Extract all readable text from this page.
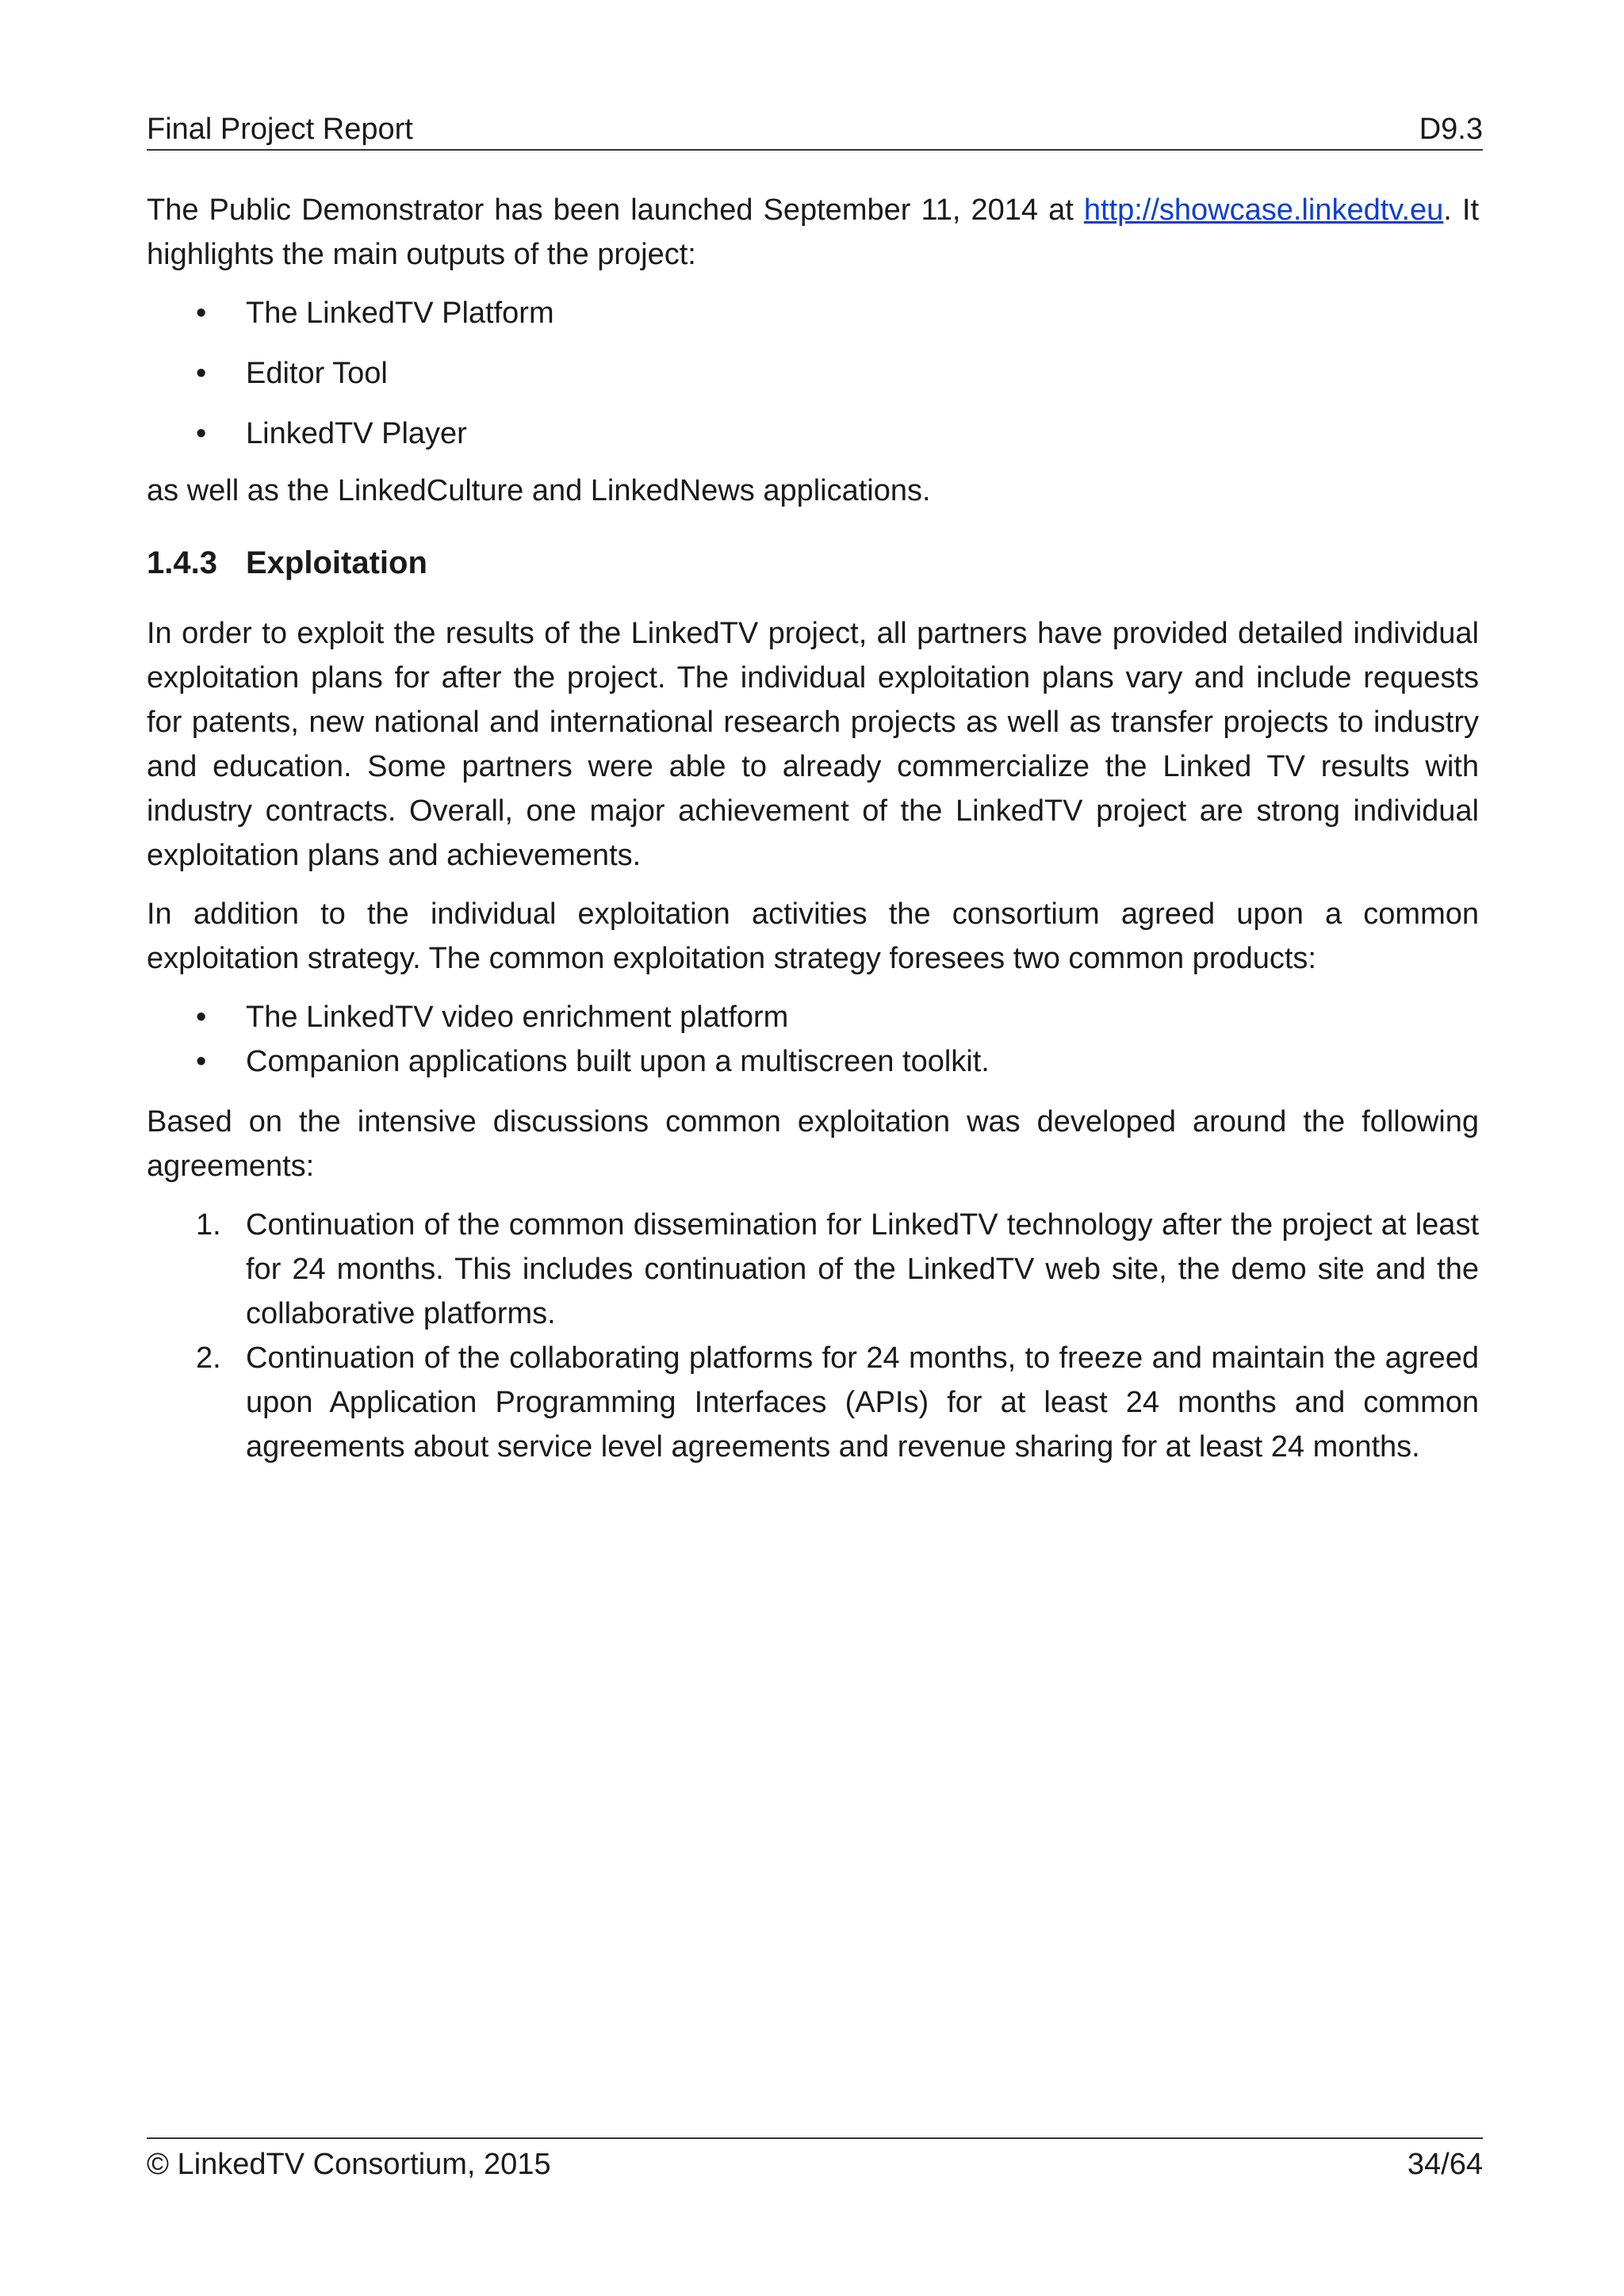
Final Project Report	D9.3

The Public Demonstrator has been launched September 11, 2014 at http://showcase.linkedtv.eu. It highlights the main outputs of the project:

• The LinkedTV Platform
• Editor Tool
• LinkedTV Player

as well as the LinkedCulture and LinkedNews applications.

1.4.3 Exploitation

In order to exploit the results of the LinkedTV project, all partners have provided detailed individual exploitation plans for after the project. The individual exploitation plans vary and include requests for patents, new national and international research projects as well as transfer projects to industry and education. Some partners were able to already commercialize the Linked TV results with industry contracts. Overall, one major achievement of the LinkedTV project are strong individual exploitation plans and achievements.

In addition to the individual exploitation activities the consortium agreed upon a common exploitation strategy. The common exploitation strategy foresees two common products:

• The LinkedTV video enrichment platform
• Companion applications built upon a multiscreen toolkit.

Based on the intensive discussions common exploitation was developed around the following agreements:

1. Continuation of the common dissemination for LinkedTV technology after the project at least for 24 months. This includes continuation of the LinkedTV web site, the demo site and the collaborative platforms.
2. Continuation of the collaborating platforms for 24 months, to freeze and maintain the agreed upon Application Programming Interfaces (APIs) for at least 24 months and common agreements about service level agreements and revenue sharing for at least 24 months.
© LinkedTV Consortium, 2015	34/64
